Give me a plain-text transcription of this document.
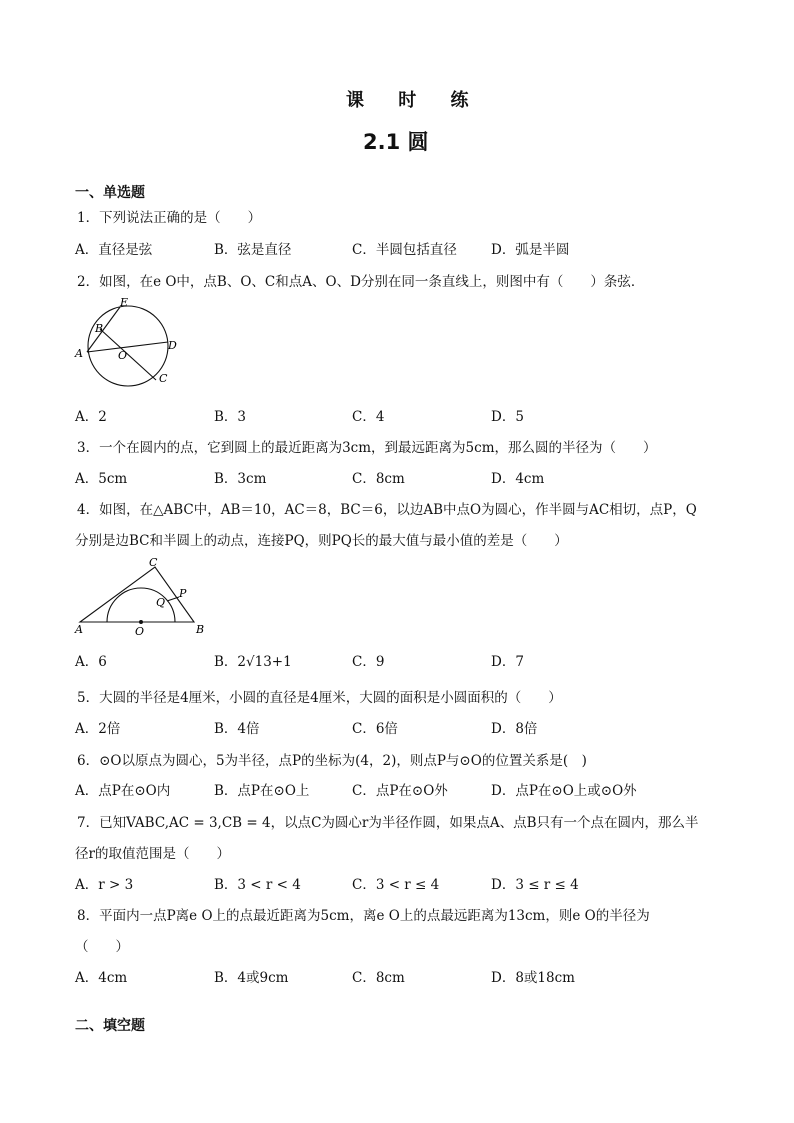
课 时 练
2.1 圆
一、单选题
1．下列说法正确的是（　　）
A．直径是弦	B．弦是直径	C．半圆包括直径	D．弧是半圆
2．如图，在e O中，点B、O、C和点A、O、D分别在同一条直线上，则图中有（　　）条弦．
E
B
A	O
D
C
A．2	B．3	C．4	D．5
3．一个在圆内的点，它到圆上的最近距离为3cm，到最远距离为5cm，那么圆的半径为（　　）
A．5cm	B．3cm	C．8cm	D．4cm
4．如图，在△ABC中，AB＝10，AC＝8，BC＝6，以边AB中点O为圆心，作半圆与AC相切，点P，Q
分别是边BC和半圆上的动点，连接PQ，则PQ长的最大值与最小值的差是（　　）
C
P
Q
A	O	B
A．6	B．2√13+1	C．9	D．7
5．大圆的半径是4厘米，小圆的直径是4厘米，大圆的面积是小圆面积的（　　）
A．2倍	B．4倍	C．6倍	D．8倍
6．⊙O以原点为圆心，5为半径，点P的坐标为(4，2)，则点P与⊙O的位置关系是(　)
A．点P在⊙O内	B．点P在⊙O上	C．点P在⊙O外	D．点P在⊙O上或⊙O外
7．已知VABC,AC = 3,CB = 4，以点C为圆心r为半径作圆，如果点A、点B只有一个点在圆内，那么半
径r的取值范围是（　　）
A．r > 3	B．3 < r < 4	C．3 < r ≤ 4	D．3 ≤ r ≤ 4
8．平面内一点P离e O上的点最近距离为5cm，离e O上的点最远距离为13cm，则e O的半径为
（　　）
A．4cm	B．4或9cm	C．8cm	D．8或18cm
二、填空题
